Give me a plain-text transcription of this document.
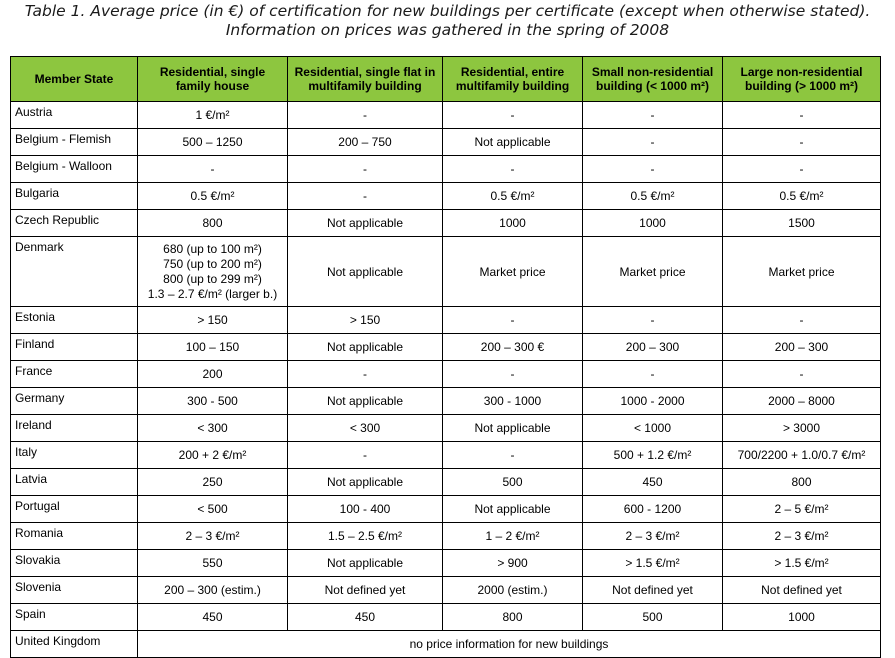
Table 1. Average price (in €) of certification for new buildings per certificate (except when otherwise stated). Information on prices was gathered in the spring of 2008
Member State	Residential, single family house	Residential, single flat in multifamily building	Residential, entire multifamily building	Small non-residential building (< 1000 m²)	Large non-residential building (> 1000 m²)
Austria	1 €/m²	-	-	-	-
Belgium - Flemish	500 – 1250	200 – 750	Not applicable	-	-
Belgium - Walloon	-	-	-	-	-
Bulgaria	0.5 €/m²	-	0.5 €/m²	0.5 €/m²	0.5 €/m²
Czech Republic	800	Not applicable	1000	1000	1500
Denmark	680 (up to 100 m²)
750 (up to 200 m²)
800 (up to 299 m²)
1.3 – 2.7 €/m² (larger b.)	Not applicable	Market price	Market price	Market price
Estonia	> 150	> 150	-	-	-
Finland	100 – 150	Not applicable	200 – 300 €	200 – 300	200 – 300
France	200	-	-	-	-
Germany	300 - 500	Not applicable	300 - 1000	1000 - 2000	2000 – 8000
Ireland	< 300	< 300	Not applicable	< 1000	> 3000
Italy	200 + 2 €/m²	-	-	500 + 1.2 €/m²	700/2200 + 1.0/0.7 €/m²
Latvia	250	Not applicable	500	450	800
Portugal	< 500	100 - 400	Not applicable	600 - 1200	2 – 5 €/m²
Romania	2 – 3 €/m²	1.5 – 2.5 €/m²	1 – 2 €/m²	2 – 3 €/m²	2 – 3 €/m²
Slovakia	550	Not applicable	> 900	> 1.5 €/m²	> 1.5 €/m²
Slovenia	200 – 300 (estim.)	Not defined yet	2000 (estim.)	Not defined yet	Not defined yet
Spain	450	450	800	500	1000
United Kingdom	no price information for new buildings				
